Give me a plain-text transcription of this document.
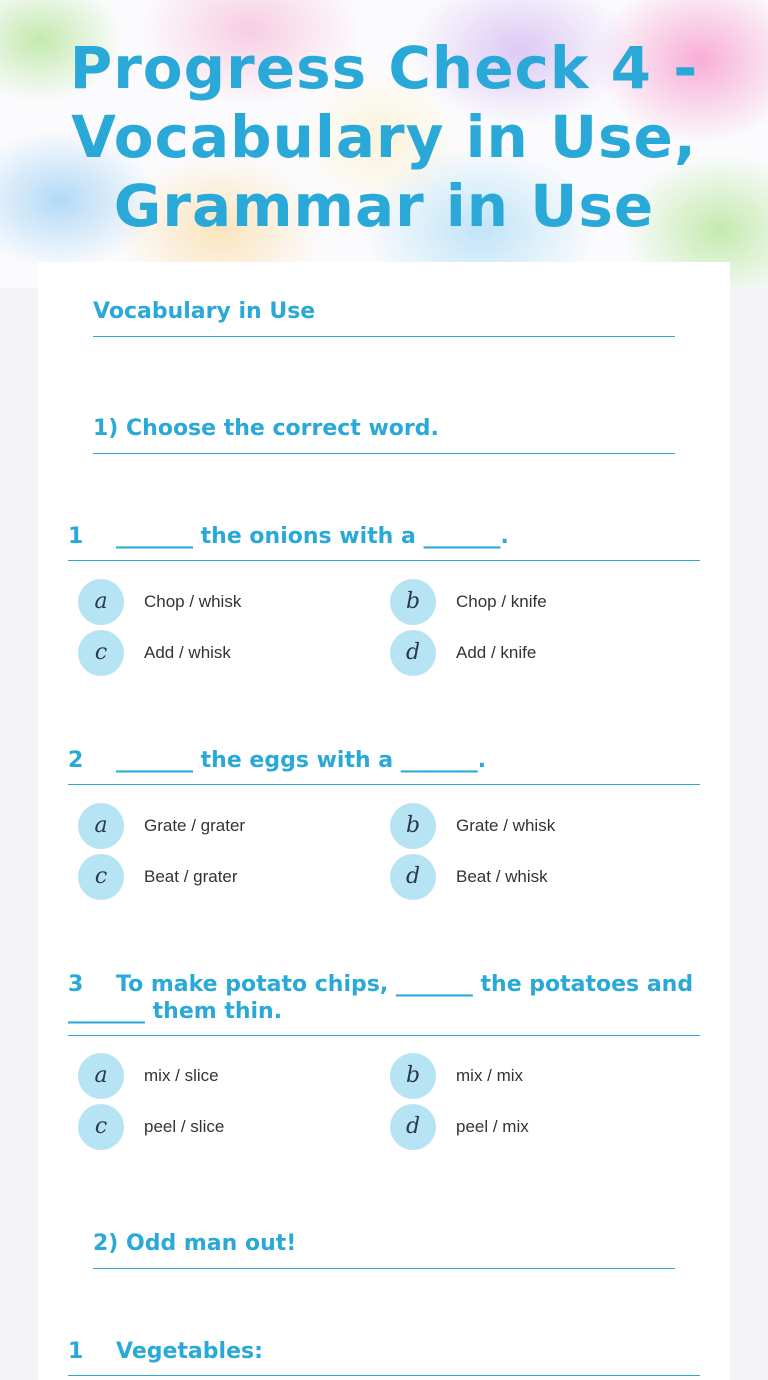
Progress Check 4 - Vocabulary in Use, Grammar in Use
Vocabulary in Use
1) Choose the correct word.
1 _______ the onions with a _______.
a	Chop / whisk	b	Chop / knife
c	Add / whisk	d	Add / knife
2 _______ the eggs with a _______.
a	Grate / grater	b	Grate / whisk
c	Beat / grater	d	Beat / whisk
3 To make potato chips, _______ the potatoes and _______ them thin.
a	mix / slice	b	mix / mix
c	peel / slice	d	peel / mix
2) Odd man out!
1 Vegetables:
